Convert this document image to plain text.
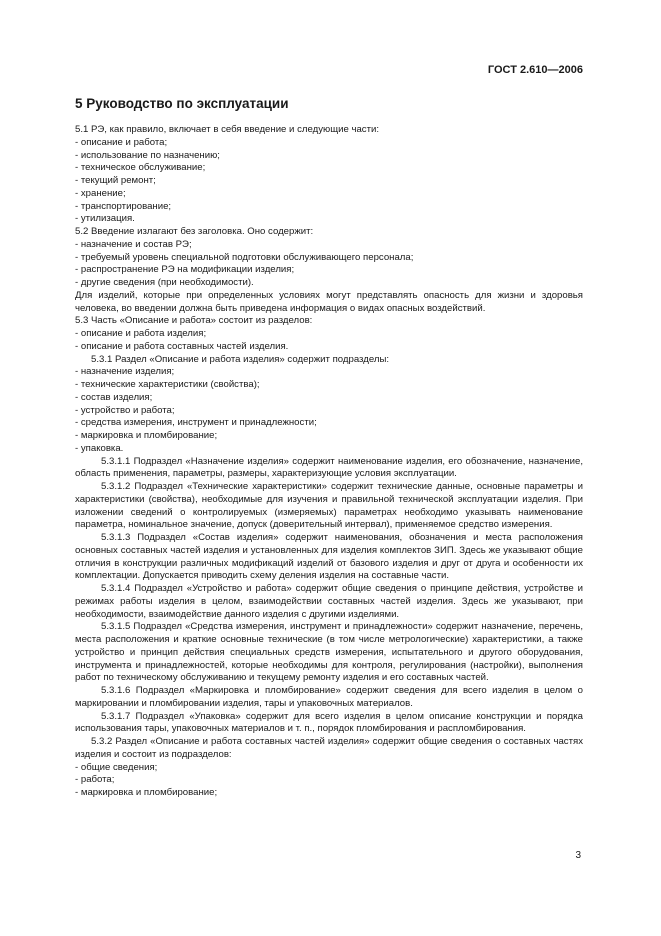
ГОСТ 2.610—2006
5 Руководство по эксплуатации

5.1 РЭ, как правило, включает в себя введение и следующие части:

- описание и работа;
- использование по назначению;
- техническое обслуживание;
- текущий ремонт;
- хранение;
- транспортирование;
- утилизация.

5.2 Введение излагают без заголовка. Оно содержит:

- назначение и состав РЭ;
- требуемый уровень специальной подготовки обслуживающего персонала;
- распространение РЭ на модификации изделия;
- другие сведения (при необходимости).

Для изделий, которые при определенных условиях могут представлять опасность для жизни и здоровья человека, во введении должна быть приведена информация о видах опасных воздействий.

5.3 Часть «Описание и работа» состоит из разделов:

- описание и работа изделия;
- описание и работа составных частей изделия.

5.3.1 Раздел «Описание и работа изделия» содержит подразделы:

- назначение изделия;
- технические характеристики (свойства);
- состав изделия;
- устройство и работа;
- средства измерения, инструмент и принадлежности;
- маркировка и пломбирование;
- упаковка.

5.3.1.1 Подраздел «Назначение изделия» содержит наименование изделия, его обозначение, назначение, область применения, параметры, размеры, характеризующие условия эксплуатации.

5.3.1.2 Подраздел «Технические характеристики» содержит технические данные, основные параметры и характеристики (свойства), необходимые для изучения и правильной технической эксплуатации изделия. При изложении сведений о контролируемых (измеряемых) параметрах необходимо указывать наименование параметра, номинальное значение, допуск (доверительный интервал), применяемое средство измерения.

5.3.1.3 Подраздел «Состав изделия» содержит наименования, обозначения и места расположения основных составных частей изделия и установленных для изделия комплектов ЗИП. Здесь же указывают общие отличия в конструкции различных модификаций изделий от базового изделия и друг от друга и особенности их комплектации. Допускается приводить схему деления изделия на составные части.

5.3.1.4 Подраздел «Устройство и работа» содержит общие сведения о принципе действия, устройстве и режимах работы изделия в целом, взаимодействии составных частей изделия. Здесь же указывают, при необходимости, взаимодействие данного изделия с другими изделиями.

5.3.1.5 Подраздел «Средства измерения, инструмент и принадлежности» содержит назначение, перечень, места расположения и краткие основные технические (в том числе метрологические) характеристики, а также устройство и принцип действия специальных средств измерения, испытательного и другого оборудования, инструмента и принадлежностей, которые необходимы для контроля, регулирования (настройки), выполнения работ по техническому обслуживанию и текущему ремонту изделия и его составных частей.

5.3.1.6 Подраздел «Маркировка и пломбирование» содержит сведения для всего изделия в целом о маркировании и пломбировании изделия, тары и упаковочных материалов.

5.3.1.7 Подраздел «Упаковка» содержит для всего изделия в целом описание конструкции и порядка использования тары, упаковочных материалов и т. п., порядок пломбирования и распломбирования.

5.3.2 Раздел «Описание и работа составных частей изделия» содержит общие сведения о составных частях изделия и состоит из подразделов:

- общие сведения;
- работа;
- маркировка и пломбирование;
3
